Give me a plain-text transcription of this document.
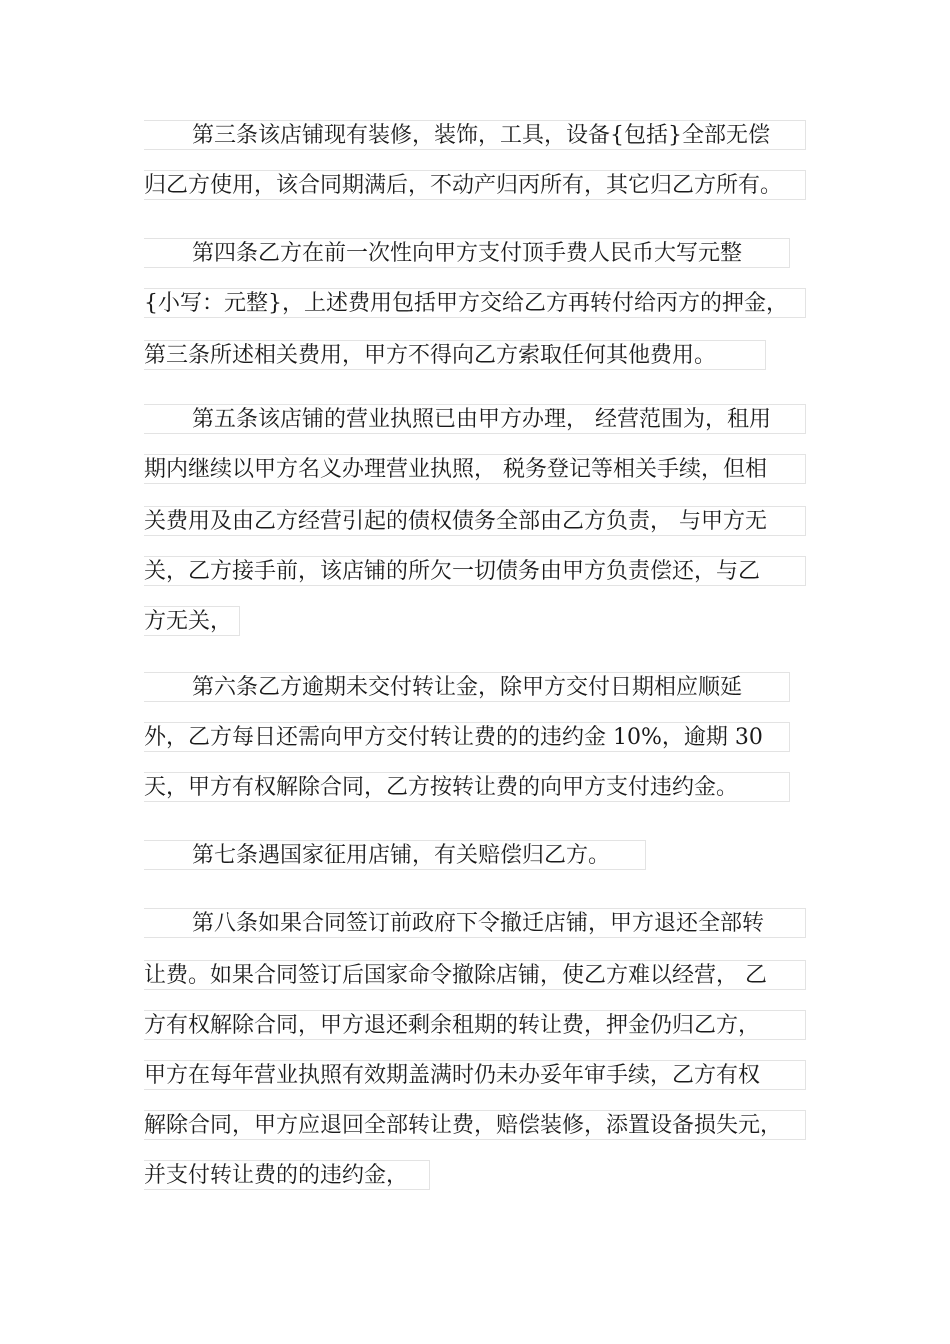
第三条该店铺现有装修，装饰，工具，设备{包括}全部无偿
归乙方使用，该合同期满后，不动产归丙所有，其它归乙方所有。
第四条乙方在前一次性向甲方支付顶手费人民币大写元整
{小写：元整}，上述费用包括甲方交给乙方再转付给丙方的押金，
第三条所述相关费用，甲方不得向乙方索取任何其他费用。
第五条该店铺的营业执照已由甲方办理， 经营范围为，租用
期内继续以甲方名义办理营业执照， 税务登记等相关手续，但相
关费用及由乙方经营引起的债权债务全部由乙方负责， 与甲方无
关，乙方接手前，该店铺的所欠一切债务由甲方负责偿还，与乙
方无关，
第六条乙方逾期未交付转让金，除甲方交付日期相应顺延
外，乙方每日还需向甲方交付转让费的的违约金 10%，逾期 30
天，甲方有权解除合同，乙方按转让费的向甲方支付违约金。
第七条遇国家征用店铺，有关赔偿归乙方。
第八条如果合同签订前政府下令撤迁店铺，甲方退还全部转
让费。如果合同签订后国家命令撤除店铺，使乙方难以经营， 乙
方有权解除合同，甲方退还剩余租期的转让费，押金仍归乙方，
甲方在每年营业执照有效期盖满时仍未办妥年审手续，乙方有权
解除合同，甲方应退回全部转让费，赔偿装修，添置设备损失元，
并支付转让费的的违约金，
